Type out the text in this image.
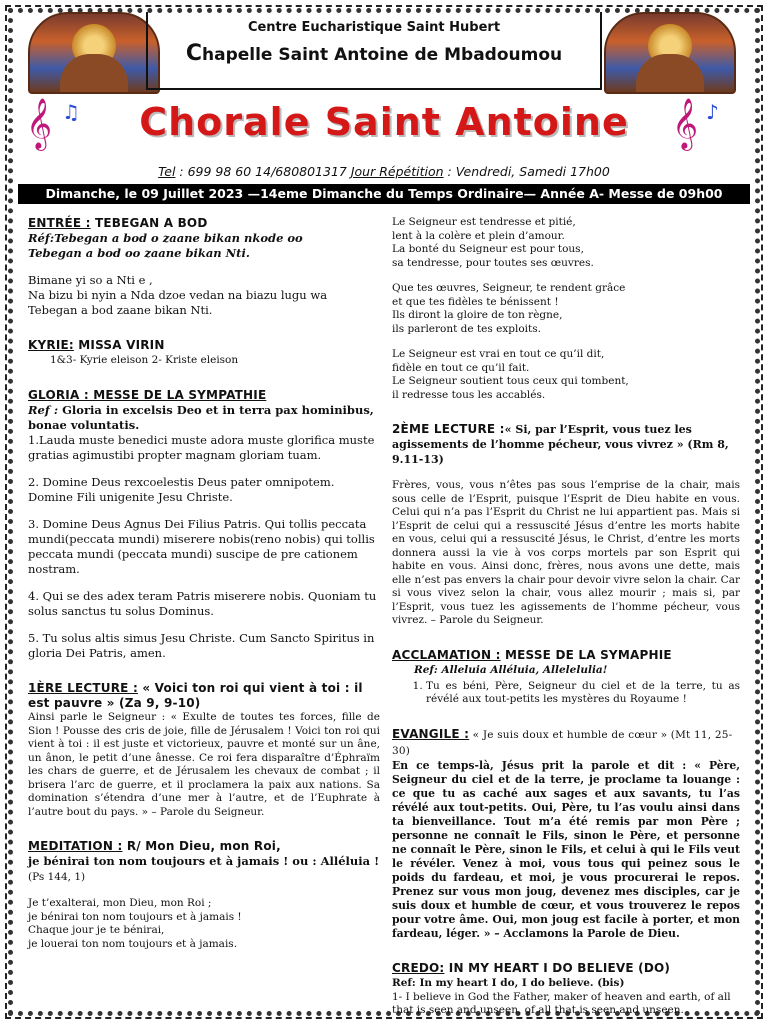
Centre Eucharistique Saint Hubert
Chapelle Saint Antoine de Mbadoumou
𝄞 ♫	Chorale Saint Antoine 𝄞 ♪
Tel : 699 98 60 14/680801317 Jour Répétition : Vendredi, Samedi 17h00
Dimanche, le 09 Juillet 2023 —14eme Dimanche du Temps Ordinaire— Année A- Messe de 09h00

ENTRÉE : TEBEGAN A BOD

Réf:Tebegan a bod o zaane bikan nkode oo

Tebegan a bod oo zaane bikan Nti.

Bimane yi so a Nti e ,

Na bizu bi nyin a Nda dzoe vedan na biazu lugu wa

Tebegan a bod zaane bikan Nti.

KYRIE: MISSA VIRIN

1&3- Kyrie eleison 2- Kriste eleison

GLORIA : MESSE DE LA SYMPATHIE

Ref : Gloria in excelsis Deo et in terra pax hominibus, bonae voluntatis.

1.Lauda muste benedici muste adora muste glorifica muste gratias agimustibi propter magnam gloriam tuam.

2. Domine Deus rexcoelestis Deus pater omnipotem. Domine Fili unigenite Jesu Christe.

3. Domine Deus Agnus Dei Filius Patris. Qui tollis peccata mundi(peccata mundi) miserere nobis(reno nobis) qui tollis peccata mundi (peccata mundi) suscipe de pre cationem nostram.

4. Qui se des adex teram Patris miserere nobis. Quoniam tu solus sanctus tu solus Dominus.

5. Tu solus altis simus Jesu Christe. Cum Sancto Spiritus in gloria Dei Patris, amen.

1ÈRE LECTURE : « Voici ton roi qui vient à toi : il est pauvre » (Za 9, 9-10)

Ainsi parle le Seigneur : « Exulte de toutes tes forces, fille de Sion ! Pousse des cris de joie, fille de Jérusalem ! Voici ton roi qui vient à toi : il est juste et victorieux, pauvre et monté sur un âne, un ânon, le petit d’une ânesse. Ce roi fera disparaître d’Éphraïm les chars de guerre, et de Jérusalem les chevaux de combat ; il brisera l’arc de guerre, et il proclamera la paix aux nations. Sa domination s’étendra d’une mer à l’autre, et de l’Euphrate à l’autre bout du pays. » – Parole du Seigneur.

MEDITATION : R/ Mon Dieu, mon Roi,

je bénirai ton nom toujours et à jamais ! ou : Alléluia ! (Ps 144, 1)

Je t’exalterai, mon Dieu, mon Roi ;

je bénirai ton nom toujours et à jamais !

Chaque jour je te bénirai,

je louerai ton nom toujours et à jamais.

Le Seigneur est tendresse et pitié,

lent à la colère et plein d’amour.

La bonté du Seigneur est pour tous,

sa tendresse, pour toutes ses œuvres.

Que tes œuvres, Seigneur, te rendent grâce

et que tes fidèles te bénissent !

Ils diront la gloire de ton règne,

ils parleront de tes exploits.

Le Seigneur est vrai en tout ce qu’il dit,

fidèle en tout ce qu’il fait.

Le Seigneur soutient tous ceux qui tombent,

il redresse tous les accablés.

2ÈME LECTURE :« Si, par l’Esprit, vous tuez les agissements de l’homme pécheur, vous vivrez » (Rm 8, 9.11-13)

Frères, vous, vous n’êtes pas sous l’emprise de la chair, mais sous celle de l’Esprit, puisque l’Esprit de Dieu habite en vous. Celui qui n’a pas l’Esprit du Christ ne lui appartient pas. Mais si l’Esprit de celui qui a ressuscité Jésus d’entre les morts habite en vous, celui qui a ressuscité Jésus, le Christ, d’entre les morts donnera aussi la vie à vos corps mortels par son Esprit qui habite en vous. Ainsi donc, frères, nous avons une dette, mais elle n’est pas envers la chair pour devoir vivre selon la chair. Car si vous vivez selon la chair, vous allez mourir ; mais si, par l’Esprit, vous tuez les agissements de l’homme pécheur, vous vivrez. – Parole du Seigneur.

ACCLAMATION : MESSE DE LA SYMAPHIE

Ref: Alleluia Alléluia, Allelelulia!

1. Tu es béni, Père, Seigneur du ciel et de la terre, tu as révélé aux tout-petits les mystères du Royaume !

EVANGILE : « Je suis doux et humble de cœur » (Mt 11, 25-30)

En ce temps-là, Jésus prit la parole et dit : « Père, Seigneur du ciel et de la terre, je proclame ta louange : ce que tu as caché aux sages et aux savants, tu l’as révélé aux tout-petits. Oui, Père, tu l’as voulu ainsi dans ta bienveillance. Tout m’a été remis par mon Père ; personne ne connaît le Fils, sinon le Père, et personne ne connaît le Père, sinon le Fils, et celui à qui le Fils veut le révéler. Venez à moi, vous tous qui peinez sous le poids du fardeau, et moi, je vous procurerai le repos. Prenez sur vous mon joug, devenez mes disciples, car je suis doux et humble de cœur, et vous trouverez le repos pour votre âme. Oui, mon joug est facile à porter, et mon fardeau, léger. » – Acclamons la Parole de Dieu.

CREDO: IN MY HEART I DO BELIEVE (DO)

Ref: In my heart I do, I do believe. (bis)

1- I believe in God the Father, maker of heaven and earth, of all that is seen and unseen, of all that is seen and unseen.
